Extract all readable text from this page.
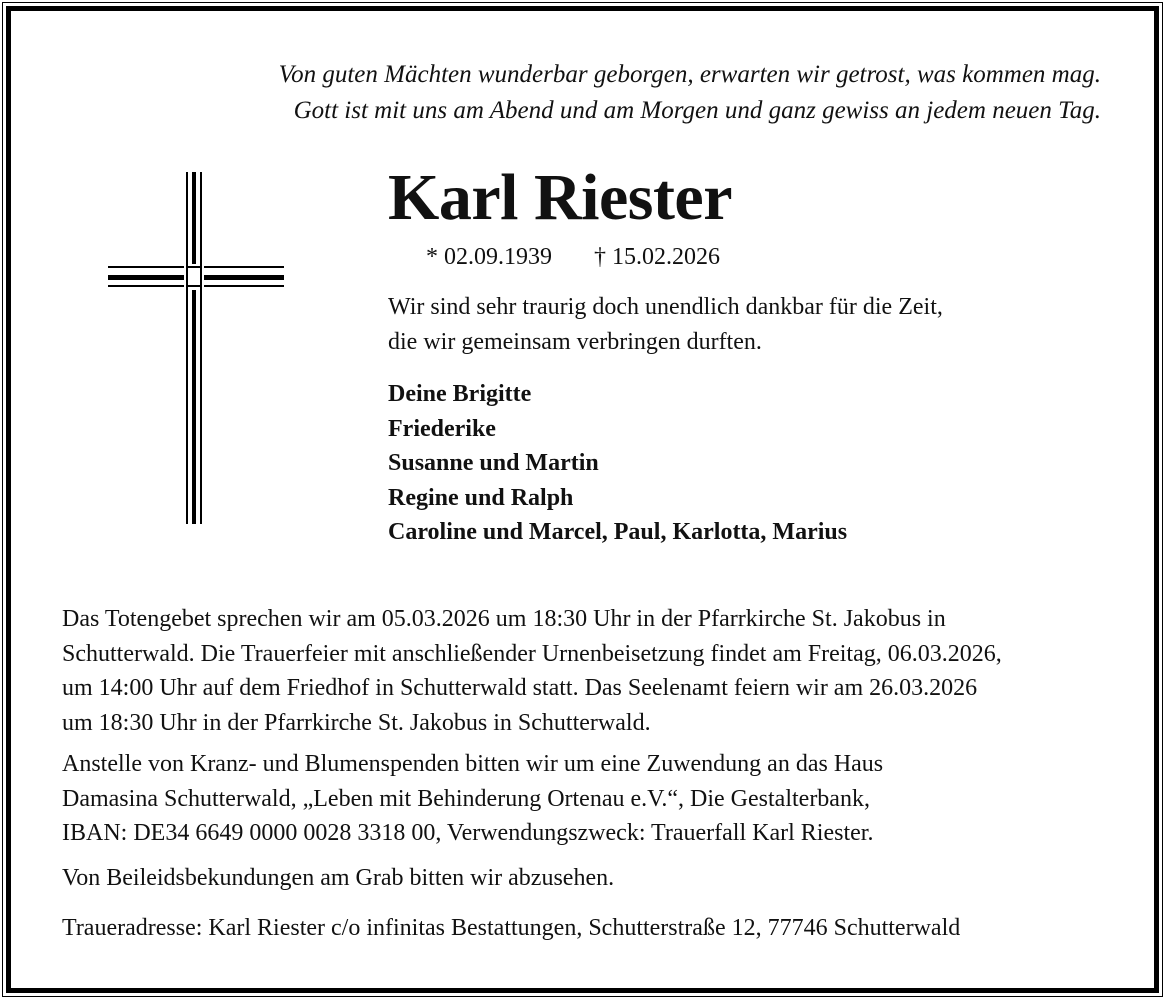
Von guten Mächten wunderbar geborgen, erwarten wir getrost, was kommen mag.
Gott ist mit uns am Abend und am Morgen und ganz gewiss an jedem neuen Tag.

Karl Riester
* 02.09.1939 † 15.02.2026

Wir sind sehr traurig doch unendlich dankbar für die Zeit,
die wir gemeinsam verbringen durften.

Deine Brigitte
Friederike
Susanne und Martin
Regine und Ralph
Caroline und Marcel, Paul, Karlotta, Marius

Das Totengebet sprechen wir am 05.03.2026 um 18:30 Uhr in der Pfarrkirche St. Jakobus in
Schutterwald. Die Trauerfeier mit anschließender Urnenbeisetzung findet am Freitag, 06.03.2026,
um 14:00 Uhr auf dem Friedhof in Schutterwald statt. Das Seelenamt feiern wir am 26.03.2026
um 18:30 Uhr in der Pfarrkirche St. Jakobus in Schutterwald.

Anstelle von Kranz- und Blumenspenden bitten wir um eine Zuwendung an das Haus
Damasina Schutterwald, „Leben mit Behinderung Ortenau e.V.“, Die Gestalterbank,
IBAN: DE34 6649 0000 0028 3318 00, Verwendungszweck: Trauerfall Karl Riester.

Von Beileidsbekundungen am Grab bitten wir abzusehen.

Traueradresse: Karl Riester c/o infinitas Bestattungen, Schutterstraße 12, 77746 Schutterwald
